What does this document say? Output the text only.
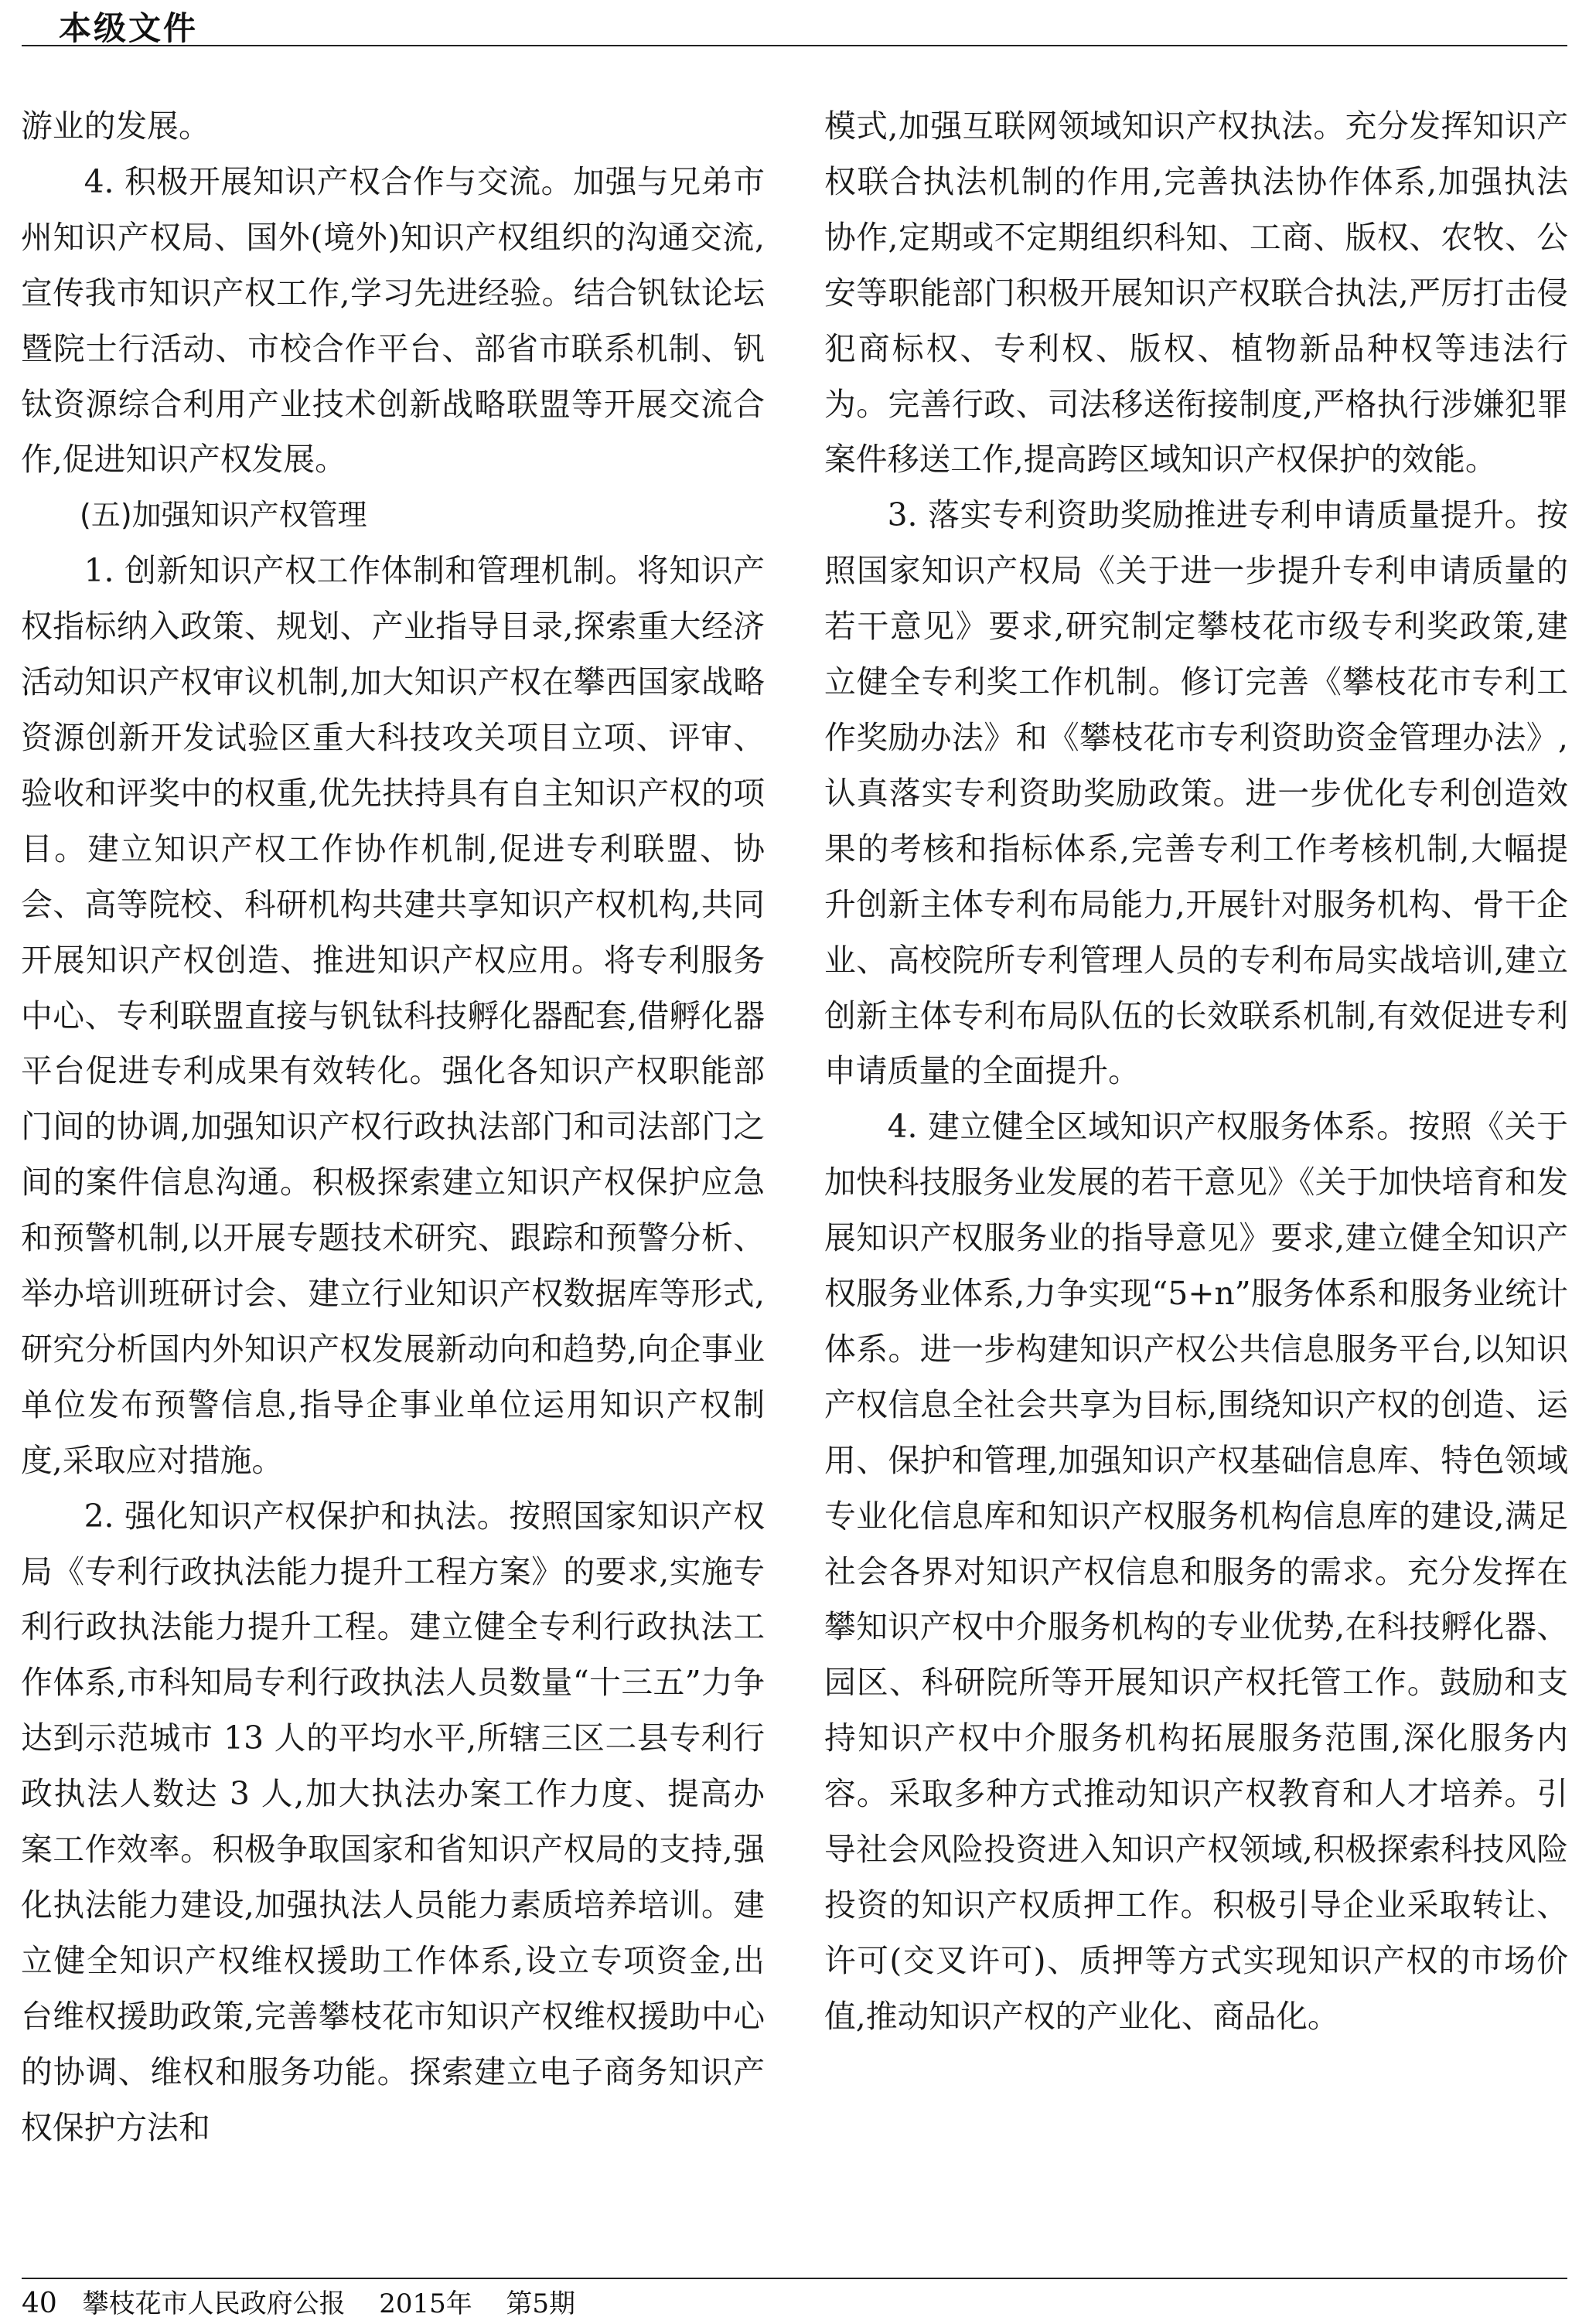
本级文件

游业的发展。

4. 积极开展知识产权合作与交流。加强与兄弟市州知识产权局、国外(境外)知识产权组织的沟通交流,宣传我市知识产权工作,学习先进经验。结合钒钛论坛暨院士行活动、市校合作平台、部省市联系机制、钒钛资源综合利用产业技术创新战略联盟等开展交流合作,促进知识产权发展。

(五)加强知识产权管理

1. 创新知识产权工作体制和管理机制。将知识产权指标纳入政策、规划、产业指导目录,探索重大经济活动知识产权审议机制,加大知识产权在攀西国家战略资源创新开发试验区重大科技攻关项目立项、评审、验收和评奖中的权重,优先扶持具有自主知识产权的项目。建立知识产权工作协作机制,促进专利联盟、协会、高等院校、科研机构共建共享知识产权机构,共同开展知识产权创造、推进知识产权应用。将专利服务中心、专利联盟直接与钒钛科技孵化器配套,借孵化器平台促进专利成果有效转化。强化各知识产权职能部门间的协调,加强知识产权行政执法部门和司法部门之间的案件信息沟通。积极探索建立知识产权保护应急和预警机制,以开展专题技术研究、跟踪和预警分析、举办培训班研讨会、建立行业知识产权数据库等形式,研究分析国内外知识产权发展新动向和趋势,向企事业单位发布预警信息,指导企事业单位运用知识产权制度,采取应对措施。

2. 强化知识产权保护和执法。按照国家知识产权局《专利行政执法能力提升工程方案》的要求,实施专利行政执法能力提升工程。建立健全专利行政执法工作体系,市科知局专利行政执法人员数量“十三五”力争达到示范城市 13 人的平均水平,所辖三区二县专利行政执法人数达 3 人,加大执法办案工作力度、提高办案工作效率。积极争取国家和省知识产权局的支持,强化执法能力建设,加强执法人员能力素质培养培训。建立健全知识产权维权援助工作体系,设立专项资金,出台维权援助政策,完善攀枝花市知识产权维权援助中心的协调、维权和服务功能。探索建立电子商务知识产权保护方法和

模式,加强互联网领域知识产权执法。充分发挥知识产权联合执法机制的作用,完善执法协作体系,加强执法协作,定期或不定期组织科知、工商、版权、农牧、公安等职能部门积极开展知识产权联合执法,严厉打击侵犯商标权、专利权、版权、植物新品种权等违法行为。完善行政、司法移送衔接制度,严格执行涉嫌犯罪案件移送工作,提高跨区域知识产权保护的效能。

3. 落实专利资助奖励推进专利申请质量提升。按照国家知识产权局《关于进一步提升专利申请质量的若干意见》要求,研究制定攀枝花市级专利奖政策,建立健全专利奖工作机制。修订完善《攀枝花市专利工作奖励办法》和《攀枝花市专利资助资金管理办法》,认真落实专利资助奖励政策。进一步优化专利创造效果的考核和指标体系,完善专利工作考核机制,大幅提升创新主体专利布局能力,开展针对服务机构、骨干企业、高校院所专利管理人员的专利布局实战培训,建立创新主体专利布局队伍的长效联系机制,有效促进专利申请质量的全面提升。

4. 建立健全区域知识产权服务体系。按照《关于加快科技服务业发展的若干意见》《关于加快培育和发展知识产权服务业的指导意见》要求,建立健全知识产权服务业体系,力争实现“5+n”服务体系和服务业统计体系。进一步构建知识产权公共信息服务平台,以知识产权信息全社会共享为目标,围绕知识产权的创造、运用、保护和管理,加强知识产权基础信息库、特色领域专业化信息库和知识产权服务机构信息库的建设,满足社会各界对知识产权信息和服务的需求。充分发挥在攀知识产权中介服务机构的专业优势,在科技孵化器、园区、科研院所等开展知识产权托管工作。鼓励和支持知识产权中介服务机构拓展服务范围,深化服务内容。采取多种方式推动知识产权教育和人才培养。引导社会风险投资进入知识产权领域,积极探索科技风险投资的知识产权质押工作。积极引导企业采取转让、许可(交叉许可)、质押等方式实现知识产权的市场价值,推动知识产权的产业化、商品化。

40 攀枝花市人民政府公报 2015年 第5期
